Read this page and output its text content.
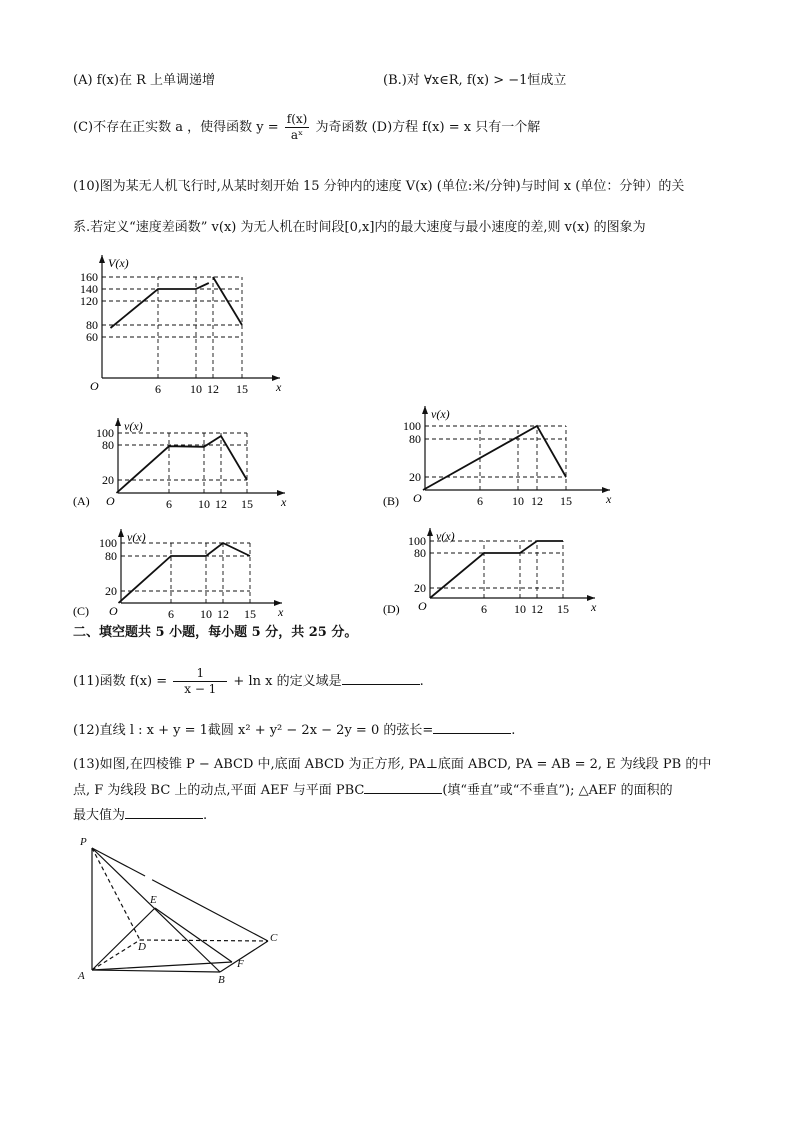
(A) f(x)在 R 上单调递增	(B.)对 ∀x∈R, f(x) > −1恒成立
(C)不存在正实数 a ，使得函数 $y = \frac{f(x)}{\text{aˣ}}$ 为奇函数 (D)方程 f(x) = x 只有一个解
(10)图为某无人机飞行时,从某时刻开始 15 分钟内的速度 V(x) (单位:米/分钟)与时间 x (单位：分钟）的关
系.若定义“速度差函数” v(x) 为无人机在时间段[0,x]内的最大速度与最小速度的差,则 v(x) 的图象为
6 10 12 15
60
80
120
140
160
O	x
V(x)
6 10 12 15
20
80
100
O	x
v(x)
(A)	6 10 12 15
20
80
100
O	x
v(x)
(B)
6 10 12 15
20
80
100
O	x
v(x)
(C)	6 10 12 15
20
80
100
O	x
v(x)
(D)
二、填空题共 5 小题，每小题 5 分，共 25 分。
(11)函数 $f(x) = \frac{1}{x - 1} + \ln x$ 的定义域是	.
(12)直线 l : x + y = 1截圆 x² + y² − 2x − 2y = 0 的弦长=	.
(13)如图,在四棱锥 P − ABCD 中,底面 ABCD 为正方形, PA⊥底面 ABCD, PA = AB = 2, E 为线段 PB 的中
点, F 为线段 BC 上的动点,平面 AEF 与平面 PBC	(填“垂直”或“不垂直”); △AEF 的面积的
最大值为	.
P
A	B
C
D
E
F
